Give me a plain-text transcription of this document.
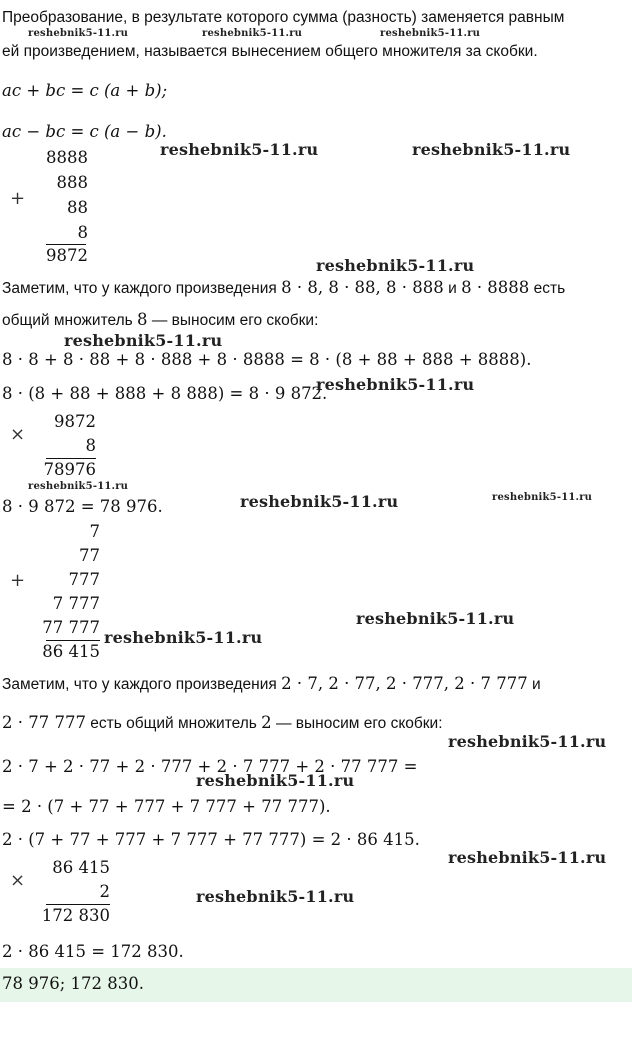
Преобразование, в результате которого сумма (разность) заменяется равным
ей произведением, называется вынесением общего множителя за скобки.
ac + bc = c (a + b);
ac − bc = c (a − b).
+
8888
888
88
8
9872
Заметим, что у каждого произведения 8 · 8, 8 · 88, 8 · 888 и 8 · 8888 есть
общий множитель 8 — выносим его скобки:
8 · 8 + 8 · 88 + 8 · 888 + 8 · 8888 = 8 · (8 + 88 + 888 + 8888).
8 · (8 + 88 + 888 + 8 888) = 8 · 9 872.
×
9872
8
78976
8 · 9 872 = 78 976.
+
7
77
777
7 777
77 777
86 415
Заметим, что у каждого произведения 2 · 7, 2 · 77, 2 · 777, 2 · 7 777 и
2 · 77 777 есть общий множитель 2 — выносим его скобки:
2 · 7 + 2 · 77 + 2 · 777 + 2 · 7 777 + 2 · 77 777 =
= 2 · (7 + 77 + 777 + 7 777 + 77 777).
2 · (7 + 77 + 777 + 7 777 + 77 777) = 2 · 86 415.
×
86 415
2
172 830
2 · 86 415 = 172 830.
78 976; 172 830.
reshebnik5-11.ru	reshebnik5-11.ru	reshebnik5-11.ru
reshebnik5-11.ru	reshebnik5-11.ru
reshebnik5-11.ru
reshebnik5-11.ru
reshebnik5-11.ru
reshebnik5-11.ru
reshebnik5-11.ru	reshebnik5-11.ru
reshebnik5-11.ru
reshebnik5-11.ru
reshebnik5-11.ru
reshebnik5-11.ru
reshebnik5-11.ru
reshebnik5-11.ru
